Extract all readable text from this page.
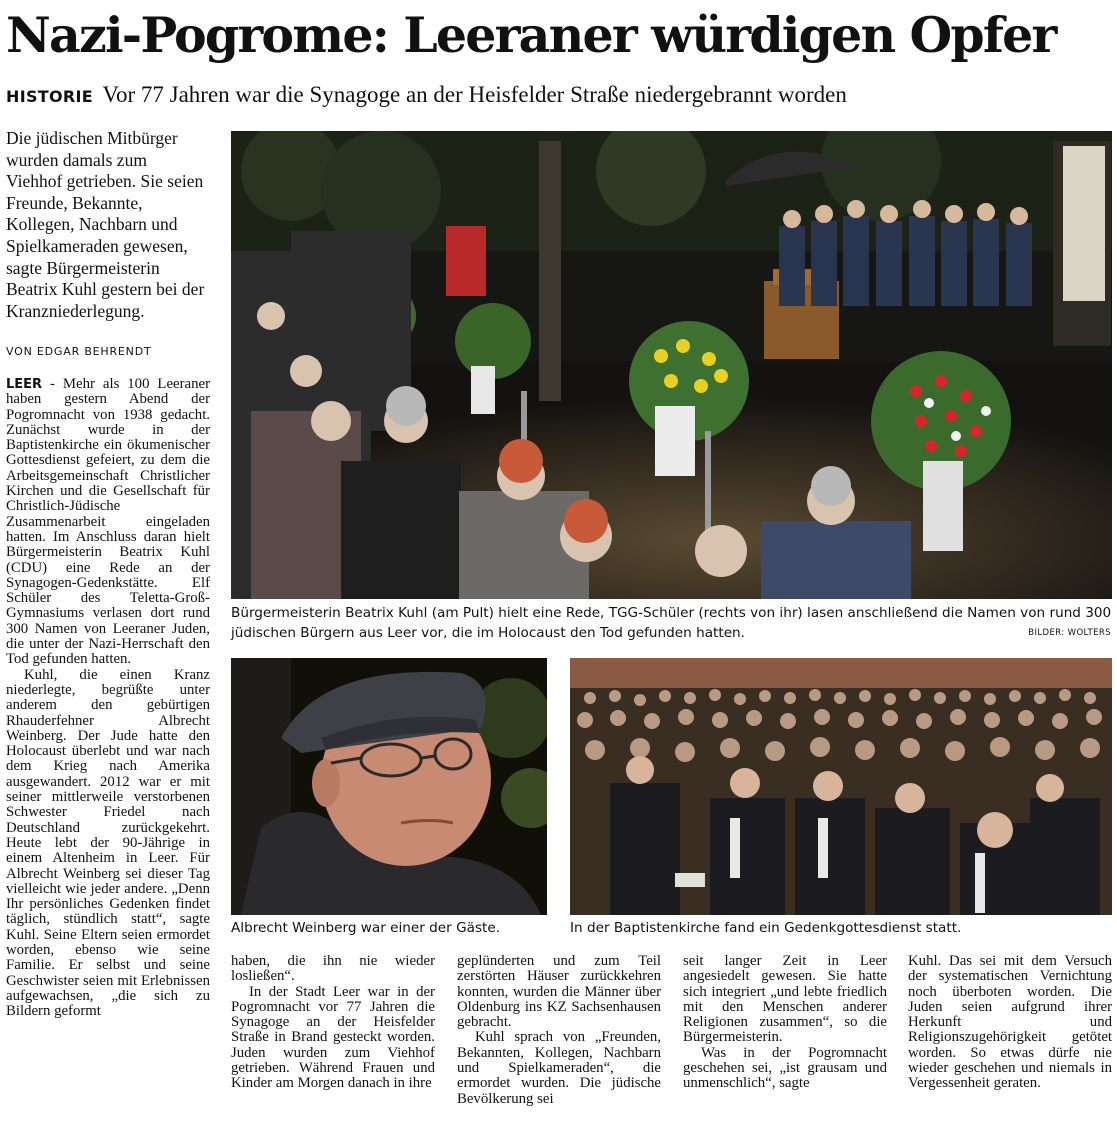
Nazi-Pogrome: Leeraner würdigen Opfer
HISTORIE Vor 77 Jahren war die Synagoge an der Heisfelder Straße niedergebrannt worden

Die jüdischen Mitbürger wurden damals zum Viehhof getrieben. Sie seien Freunde, Bekannte, Kollegen, Nachbarn und Spielkameraden gewesen, sagte Bürgermeisterin Beatrix Kuhl gestern bei der Kranzniederlegung.

VON EDGAR BEHRENDT

LEER - Mehr als 100 Leeraner haben gestern Abend der Pogromnacht von 1938 gedacht. Zunächst wurde in der Baptistenkirche ein ökumenischer Gottesdienst gefeiert, zu dem die Arbeitsgemeinschaft Christlicher Kirchen und die Gesellschaft für Christlich-Jüdische Zusammenarbeit eingeladen hatten. Im Anschluss daran hielt Bürgermeisterin Beatrix Kuhl (CDU) eine Rede an der Synagogen-Gedenkstätte. Elf Schüler des Teletta-Groß-Gymnasiums verlasen dort rund 300 Namen von Leeraner Juden, die unter der Nazi-Herrschaft den Tod gefunden hatten.

Kuhl, die einen Kranz niederlegte, begrüßte unter anderem den gebürtigen Rhauderfehner Albrecht Weinberg. Der Jude hatte den Holocaust überlebt und war nach dem Krieg nach Amerika ausgewandert. 2012 war er mit seiner mittlerweile verstorbenen Schwester Friedel nach Deutschland zurückgekehrt. Heute lebt der 90-Jährige in einem Altenheim in Leer. Für Albrecht Weinberg sei dieser Tag vielleicht wie jeder andere. „Denn Ihr persönliches Gedenken findet täglich, stündlich statt“, sagte Kuhl. Seine Eltern seien ermordet worden, ebenso wie seine Familie. Er selbst und seine Geschwister seien mit Erlebnissen aufgewachsen, „die sich zu Bildern geformt

haben, die ihn nie wieder losließen“.

In der Stadt Leer war in der Pogromnacht vor 77 Jahren die Synagoge an der Heisfelder Straße in Brand gesteckt worden. Juden wurden zum Viehhof getrieben. Während Frauen und Kinder am Morgen danach in ihre

geplünderten und zum Teil zerstörten Häuser zurückkehren konnten, wurden die Männer über Oldenburg ins KZ Sachsenhausen gebracht.

Kuhl sprach von „Freunden, Bekannten, Kollegen, Nachbarn und Spielkameraden“, die ermordet wurden. Die jüdische Bevölkerung sei

seit langer Zeit in Leer angesiedelt gewesen. Sie hatte sich integriert „und lebte friedlich mit den Menschen anderer Religionen zusammen“, so die Bürgermeisterin.

Was in der Pogromnacht geschehen sei, „ist grausam und unmenschlich“, sagte

Kuhl. Das sei mit dem Versuch der systematischen Vernichtung noch überboten worden. Die Juden seien aufgrund ihrer Herkunft und Religionszugehörigkeit getötet worden. So etwas dürfe nie wieder geschehen und niemals in Vergessenheit geraten.

Bürgermeisterin Beatrix Kuhl (am Pult) hielt eine Rede, TGG-Schüler (rechts von ihr) lasen anschließend die Namen von rund 300 jüdischen Bürgern aus Leer vor, die im Holocaust den Tod gefunden hatten.	BILDER: WOLTERS

Albrecht Weinberg war einer der Gäste.	In der Baptistenkirche fand ein Gedenkgottesdienst statt.
